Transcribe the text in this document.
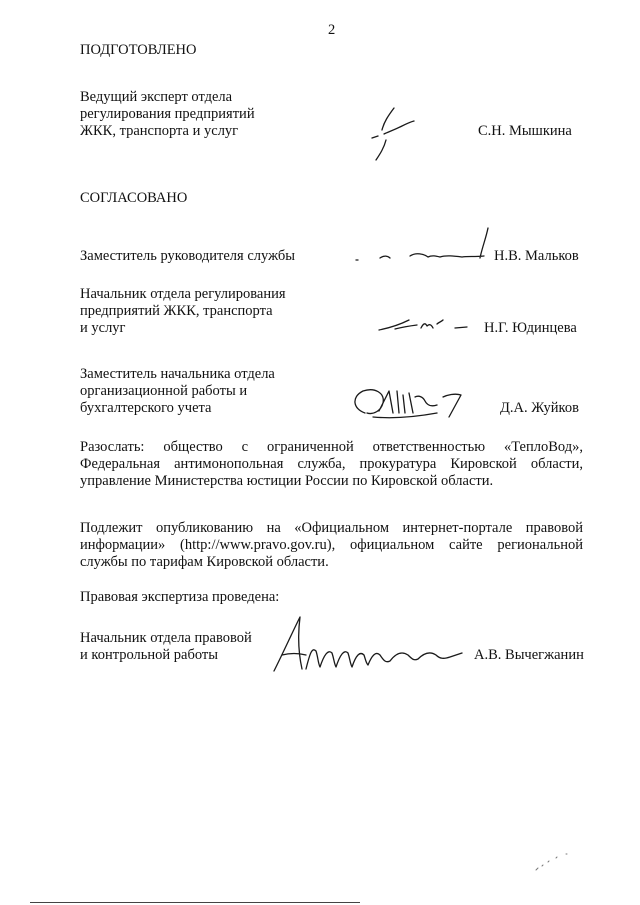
2
ПОДГОТОВЛЕНО
Ведущий эксперт отдела
регулирования предприятий
ЖКК, транспорта и услуг	С.Н. Мышкина
СОГЛАСОВАНО
Заместитель руководителя службы	Н.В. Мальков
Начальник отдела регулирования
предприятий ЖКК, транспорта
и услуг	Н.Г. Юдинцева
Заместитель начальника отдела
организационной работы и
бухгалтерского учета	Д.А. Жуйков
Разослать: общество с ограниченной ответственностью «ТеплоВод», Федеральная антимонопольная служба, прокуратура Кировской области, управление Министерства юстиции России по Кировской области.
Подлежит опубликованию на «Официальном интернет-портале правовой информации» (http://www.pravo.gov.ru), официальном сайте региональной службы по тарифам Кировской области.
Правовая экспертиза проведена:
Начальник отдела правовой
и контрольной работы	А.В. Вычегжанин
